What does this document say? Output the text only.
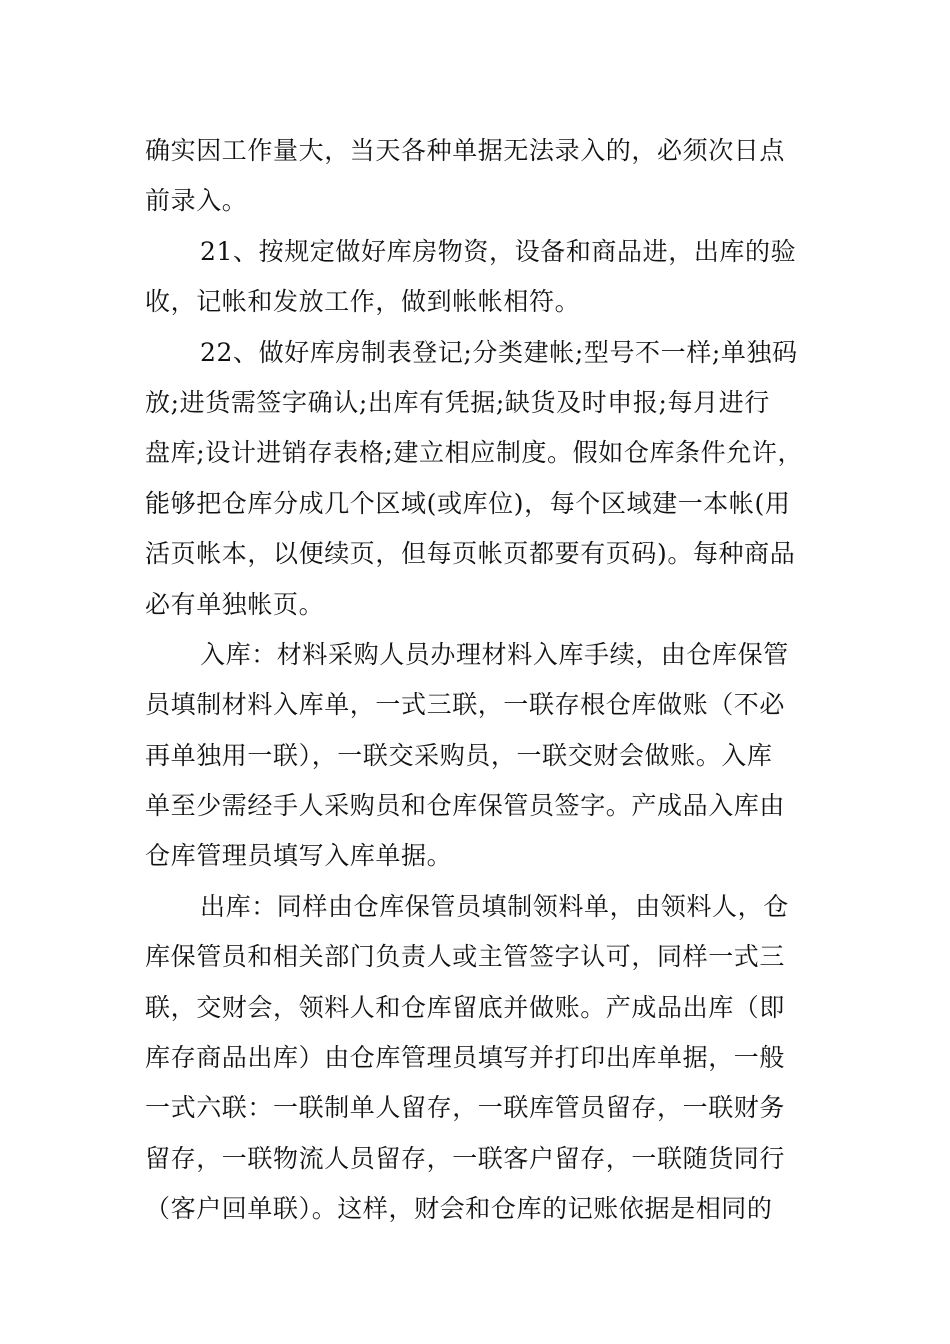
确实因工作量大，当天各种单据无法录入的，必须次日点
前录入。
21、按规定做好库房物资，设备和商品进，出库的验
收，记帐和发放工作，做到帐帐相符。
22、做好库房制表登记;分类建帐;型号不一样;单独码
放;进货需签字确认;出库有凭据;缺货及时申报;每月进行
盘库;设计进销存表格;建立相应制度。假如仓库条件允许，
能够把仓库分成几个区域(或库位)，每个区域建一本帐(用
活页帐本，以便续页，但每页帐页都要有页码)。每种商品
必有单独帐页。
入库：材料采购人员办理材料入库手续，由仓库保管
员填制材料入库单，一式三联，一联存根仓库做账（不必
再单独用一联），一联交采购员，一联交财会做账。入库
单至少需经手人采购员和仓库保管员签字。产成品入库由
仓库管理员填写入库单据。
出库：同样由仓库保管员填制领料单，由领料人，仓
库保管员和相关部门负责人或主管签字认可，同样一式三
联，交财会，领料人和仓库留底并做账。产成品出库（即
库存商品出库）由仓库管理员填写并打印出库单据，一般
一式六联：一联制单人留存，一联库管员留存，一联财务
留存，一联物流人员留存，一联客户留存，一联随货同行
（客户回单联）。这样，财会和仓库的记账依据是相同的
